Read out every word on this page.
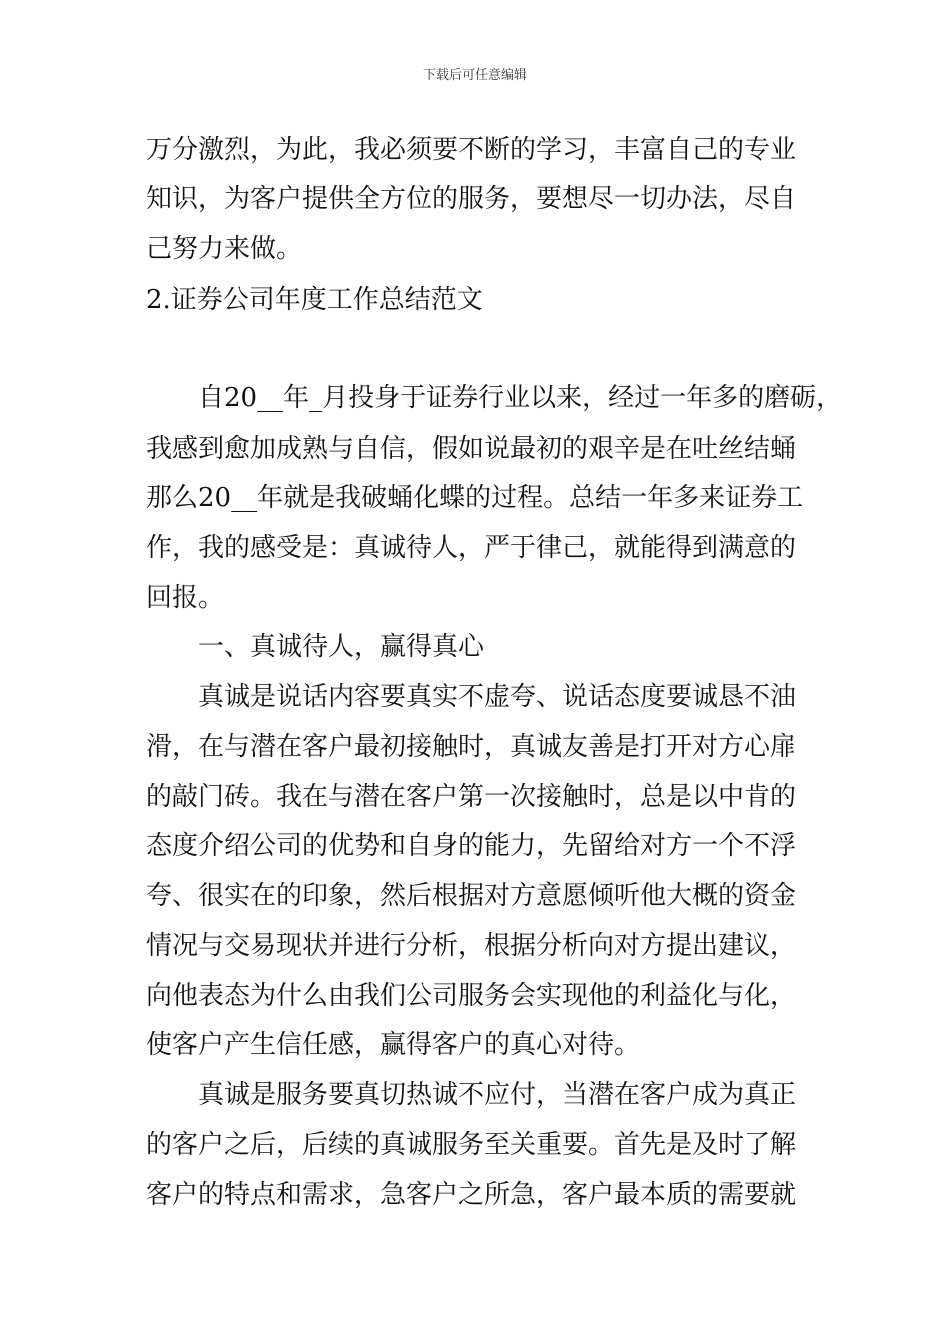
下载后可任意编辑
万分激烈，为此，我必须要不断的学习，丰富自己的专业
知识，为客户提供全方位的服务，要想尽一切办法，尽自
己努力来做。
2.证券公司年度工作总结范文
自20__年_月投身于证券行业以来，经过一年多的磨砺，
我感到愈加成熟与自信，假如说最初的艰辛是在吐丝结蛹
那么20__年就是我破蛹化蝶的过程。总结一年多来证券工
作，我的感受是：真诚待人，严于律己，就能得到满意的
回报。
一、真诚待人，赢得真心
真诚是说话内容要真实不虚夸、说话态度要诚恳不油
滑，在与潜在客户最初接触时，真诚友善是打开对方心扉
的敲门砖。我在与潜在客户第一次接触时，总是以中肯的
态度介绍公司的优势和自身的能力，先留给对方一个不浮
夸、很实在的印象，然后根据对方意愿倾听他大概的资金
情况与交易现状并进行分析，根据分析向对方提出建议，
向他表态为什么由我们公司服务会实现他的利益化与化，
使客户产生信任感，赢得客户的真心对待。
真诚是服务要真切热诚不应付，当潜在客户成为真正
的客户之后，后续的真诚服务至关重要。首先是及时了解
客户的特点和需求，急客户之所急，客户最本质的需要就
